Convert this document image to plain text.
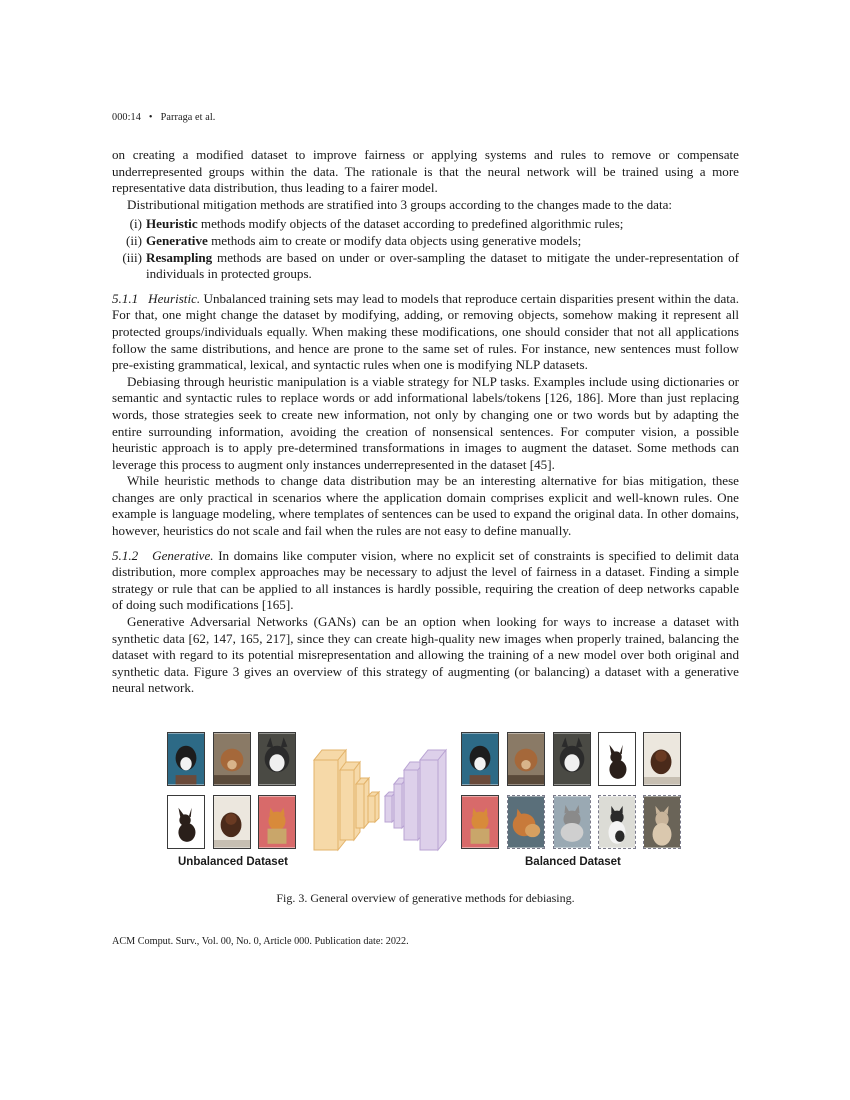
000:14 • Parraga et al.

on creating a modified dataset to improve fairness or applying systems and rules to remove or compensate underrepresented groups within the data. The rationale is that the neural network will be trained using a more representative data distribution, thus leading to a fairer model.

Distributional mitigation methods are stratified into 3 groups according to the changes made to the data:

(i) Heuristic methods modify objects of the dataset according to predefined algorithmic rules;
(ii) Generative methods aim to create or modify data objects using generative models;
(iii) Resampling methods are based on under or over-sampling the dataset to mitigate the under-representation of individuals in protected groups.

5.1.1 Heuristic. Unbalanced training sets may lead to models that reproduce certain disparities present within the data. For that, one might change the dataset by modifying, adding, or removing objects, somehow making it represent all protected groups/individuals equally. When making these modifications, one should consider that not all applications follow the same distributions, and hence are prone to the same set of rules. For instance, new sentences must follow pre-existing grammatical, lexical, and syntactic rules when one is modifying NLP datasets.

Debiasing through heuristic manipulation is a viable strategy for NLP tasks. Examples include using dictionaries or semantic and syntactic rules to replace words or add informational labels/tokens [126, 186]. More than just replacing words, those strategies seek to create new information, not only by changing one or two words but by adapting the entire surrounding information, avoiding the creation of nonsensical sentences. For computer vision, a possible heuristic approach is to apply pre-determined transformations in images to augment the dataset. Some methods can leverage this process to augment only instances underrepresented in the dataset [45].

While heuristic methods to change data distribution may be an interesting alternative for bias mitigation, these changes are only practical in scenarios where the application domain comprises explicit and well-known rules. One example is language modeling, where templates of sentences can be used to expand the original data. In other domains, however, heuristics do not scale and fail when the rules are not easy to define manually.

5.1.2 Generative. In domains like computer vision, where no explicit set of constraints is specified to delimit data distribution, more complex approaches may be necessary to adjust the level of fairness in a dataset. Finding a simple strategy or rule that can be applied to all instances is hardly possible, requiring the creation of deep networks capable of doing such modifications [165].

Generative Adversarial Networks (GANs) can be an option when looking for ways to increase a dataset with synthetic data [62, 147, 165, 217], since they can create high-quality new images when properly trained, balancing the dataset with regard to its potential misrepresentation and allowing the training of a new model over both original and synthetic data. Figure 3 gives an overview of this strategy of augmenting (or balancing) a dataset with a generative neural network.

Unbalanced Dataset	Balanced Dataset
Fig. 3. General overview of generative methods for debiasing.
ACM Comput. Surv., Vol. 00, No. 0, Article 000. Publication date: 2022.
